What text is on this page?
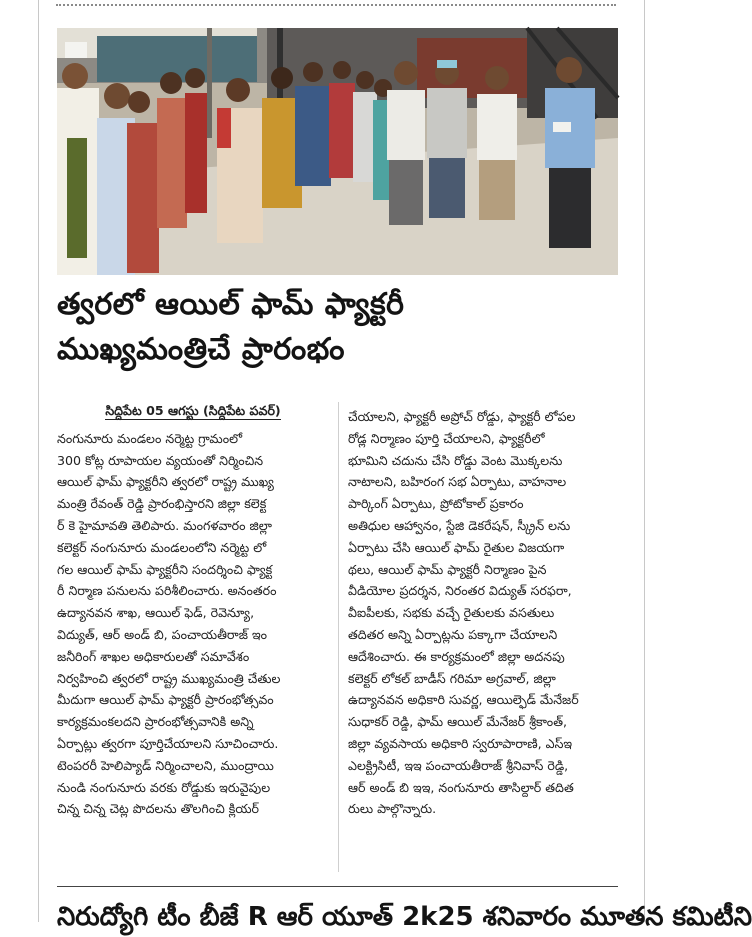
త్వరలో ఆయిల్ ఫామ్ ఫ్యాక్టరీ
ముఖ్యమంత్రిచే ప్రారంభం
సిద్దిపేట 05 ఆగస్టు (సిద్దిపేట పవర్)
నంగునూరు మండలం నర్మెట్ట గ్రామంలో
300 కోట్ల రూపాయల వ్యయంతో నిర్మించిన
ఆయిల్ ఫామ్ ఫ్యాక్టరీని త్వరలో రాష్ట్ర ముఖ్య
మంత్రి రేవంత్ రెడ్డి ప్రారంభిస్తారని జిల్లా కలెక్ట
ర్ కె హైమావతి తెలిపారు. మంగళవారం జిల్లా
కలెక్టర్ నంగునూరు మండలంలోని నర్మెట్ట లో
గల ఆయిల్ ఫామ్ ఫ్యాక్టరీని సందర్శించి ఫ్యాక్ట
రీ నిర్మాణ పనులను పరిశీలించారు. అనంతరం
ఉద్యానవన శాఖ, ఆయిల్ ఫెడ్, రెవెన్యూ,
విద్యుత్, ఆర్ అండ్ బి, పంచాయతీరాజ్ ఇం
జనీరింగ్ శాఖల అధికారులతో సమావేశం
నిర్వహించి త్వరలో రాష్ట్ర ముఖ్యమంత్రి చేతుల
మీదుగా ఆయిల్ ఫామ్ ఫ్యాక్టరీ ప్రారంభోత్సవం
కార్యక్రమంకలదని ప్రారంభోత్సవానికి అన్ని
ఏర్పాట్లు త్వరగా పూర్తిచేయాలని సూచించారు.
టెంపరరీ హెలిప్యాడ్ నిర్మించాలని, ముంద్రాయి
నుండి నంగునూరు వరకు రోడ్డుకు ఇరువైపుల
చిన్న చిన్న చెట్ల పొదలను తొలగించి క్లియర్
చేయాలని, ఫ్యాక్టరీ అప్రోచ్ రోడ్డు, ఫ్యాక్టరీ లోపల
రోడ్ల నిర్మాణం పూర్తి చేయాలని, ఫ్యాక్టరీలో
భూమిని చదును చేసి రోడ్డు వెంట మొక్కలను
నాటాలని, బహిరంగ సభ ఏర్పాటు, వాహనాల
పార్కింగ్ ఏర్పాటు, ప్రోటోకాల్ ప్రకారం
అతిధుల ఆహ్వానం, స్టేజి డెకరేషన్, స్క్రీన్ లను
ఏర్పాటు చేసి ఆయిల్ ఫామ్ రైతుల విజయగా
థలు, ఆయిల్ ఫామ్ ఫ్యాక్టరీ నిర్మాణం పైన
వీడియోల ప్రదర్శన, నిరంతర విద్యుత్ సరఫరా,
వీఐపీలకు, సభకు వచ్చే రైతులకు వసతులు
తదితర అన్ని ఏర్పాట్లను పక్కాగా చేయాలని
ఆదేశించారు. ఈ కార్యక్రమంలో జిల్లా అదనపు
కలెక్టర్ లోకల్ బాడీస్ గరిమా అగ్రవాల్, జిల్లా
ఉద్యానవన అధికారి సువర్ణ, ఆయిల్ఫెడ్ మేనేజర్
సుధాకర్ రెడ్డి, ఫామ్ ఆయిల్ మేనేజర్ శ్రీకాంత్,
జిల్లా వ్యవసాయ అధికారి స్వరూపారాణి, ఎస్ఇ
ఎలక్ట్రిసిటీ, ఇఇ పంచాయతీరాజ్ శ్రీనివాస్ రెడ్డి,
ఆర్ అండ్ బి ఇఇ, నంగునూరు తాసిల్దార్ తదిత
రులు పాల్గొన్నారు.
నిరుద్యోగి టీం బీజే R ఆర్ యూత్ 2k25 శనివారం మూతన కమిటీని
